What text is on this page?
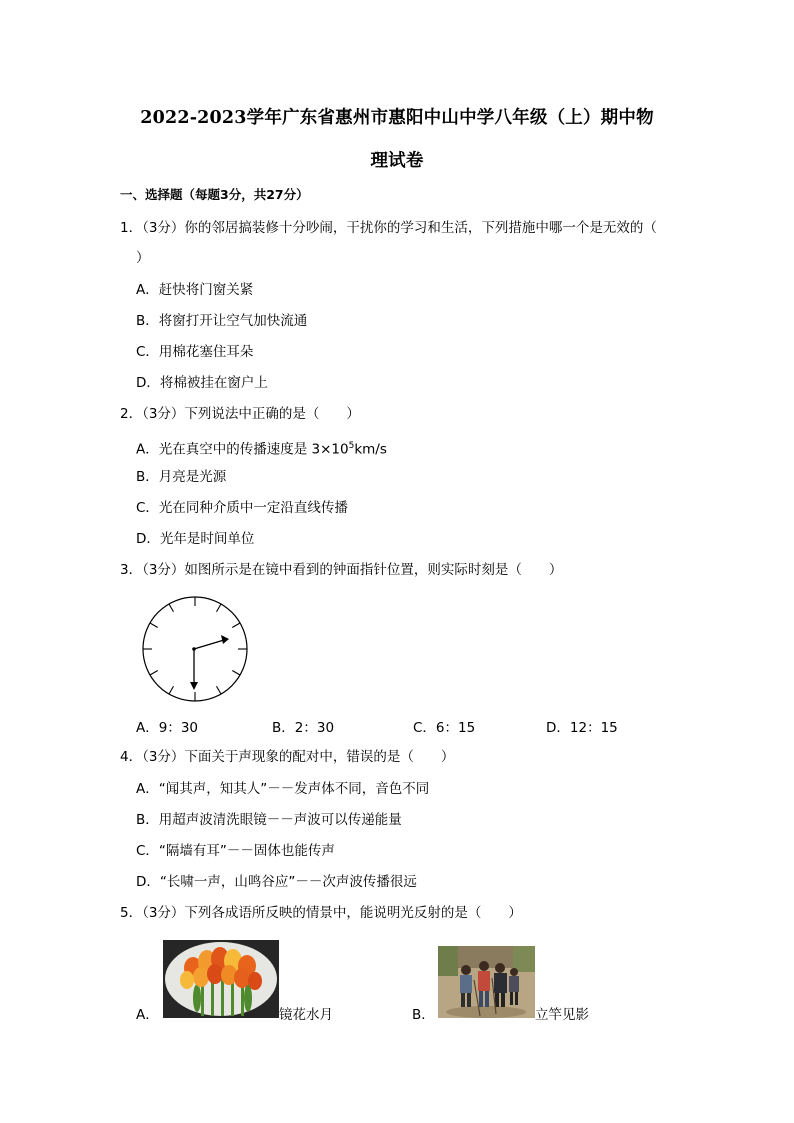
2022-2023学年广东省惠州市惠阳中山中学八年级（上）期中物
理试卷
一、选择题（每题3分，共27分）
1．（3分）你的邻居搞装修十分吵闹，干扰你的学习和生活，下列措施中哪一个是无效的（
）
A．赶快将门窗关紧
B．将窗打开让空气加快流通
C．用棉花塞住耳朵
D．将棉被挂在窗户上
2．（3分）下列说法中正确的是（　　）
A．光在真空中的传播速度是 $3\times 10^5km/s$
B．月亮是光源
C．光在同种介质中一定沿直线传播
D．光年是时间单位
3．（3分）如图所示是在镜中看到的钟面指针位置，则实际时刻是（　　）
A．9：30	B．2：30	C．6：15	D．12：15
4．（3分）下面关于声现象的配对中，错误的是（　　）
A．“闻其声，知其人”－－发声体不同，音色不同
B．用超声波清洗眼镜－－声波可以传递能量
C．“隔墙有耳”－－固体也能传声
D．“长啸一声，山鸣谷应”－－次声波传播很远
5．（3分）下列各成语所反映的情景中，能说明光反射的是（　　）
A．	镜花水月	B．	立竿见影
